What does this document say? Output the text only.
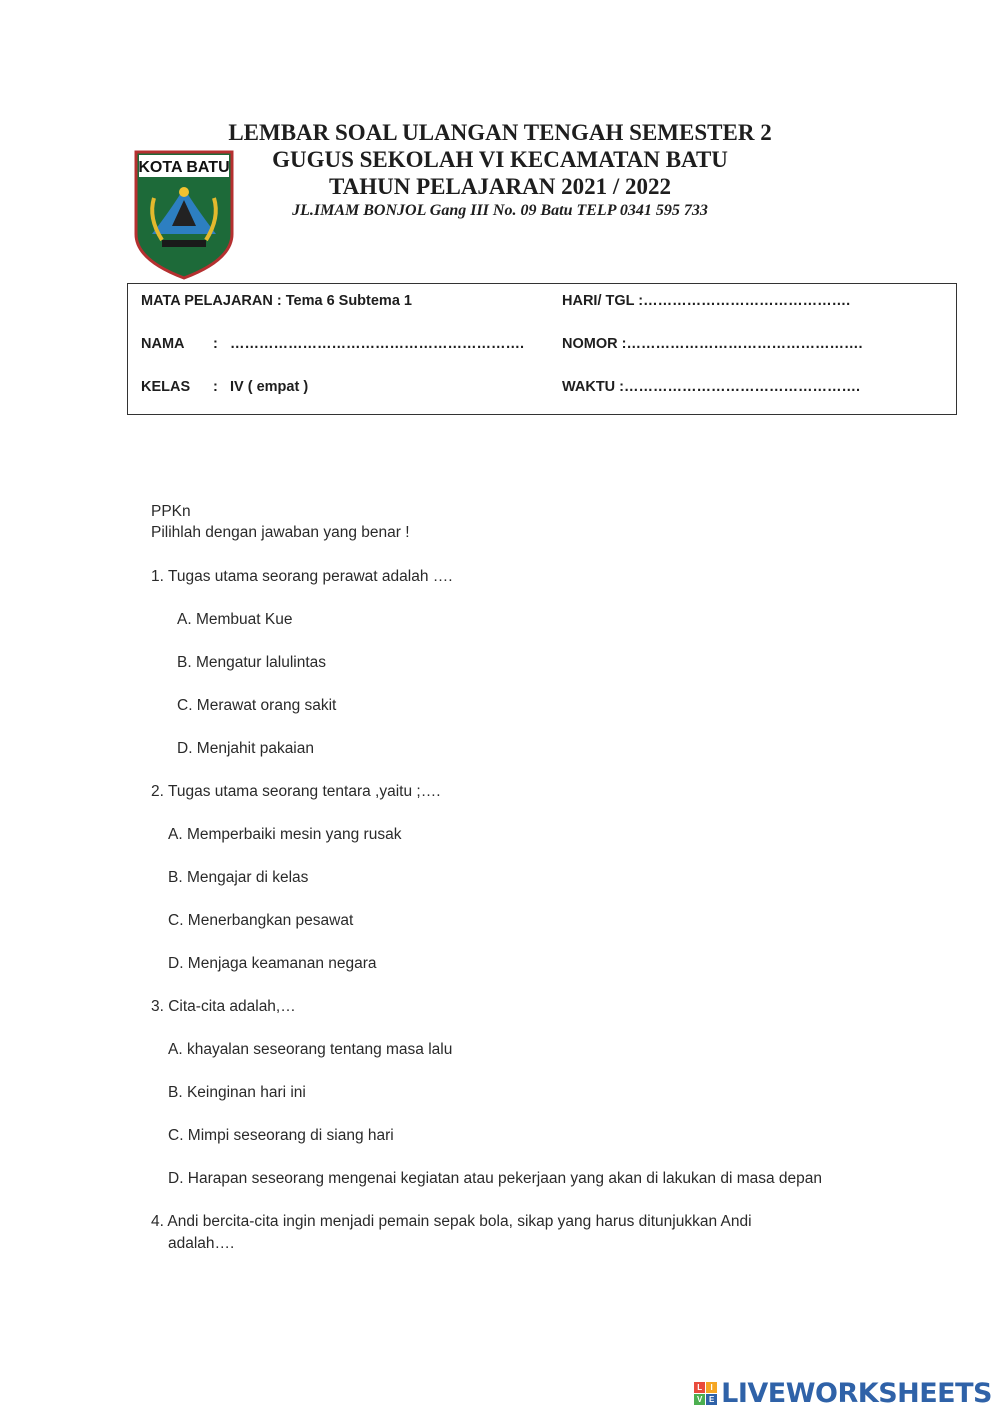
KOTA BATU
LEMBAR SOAL ULANGAN TENGAH SEMESTER 2
GUGUS SEKOLAH VI KECAMATAN BATU
TAHUN PELAJARAN 2021 / 2022
JL.IMAM BONJOL Gang III No. 09 Batu TELP 0341 595 733
MATA PELAJARAN : Tema 6 Subtema 1	HARI/ TGL :…………………………………….
NAMA : …………………………………………………….	NOMOR :………………………………………….
KELAS : IV ( empat )	WAKTU :………………………………………….
PPKn
Pilihlah dengan jawaban yang benar !
1. Tugas utama seorang perawat adalah ….
A. Membuat Kue
B. Mengatur lalulintas
C. Merawat orang sakit
D. Menjahit pakaian
2. Tugas utama seorang tentara ,yaitu ;….
A. Memperbaiki mesin yang rusak
B. Mengajar di kelas
C. Menerbangkan pesawat
D. Menjaga keamanan negara
3. Cita-cita adalah,…
A. khayalan seseorang tentang masa lalu
B. Keinginan hari ini
C. Mimpi seseorang di siang hari
D. Harapan seseorang mengenai kegiatan atau pekerjaan yang akan di lakukan di masa depan
4. Andi bercita-cita ingin menjadi pemain sepak bola, sikap yang harus ditunjukkan Andi
adalah….
L	I
V E LIVEWORKSHEETS
